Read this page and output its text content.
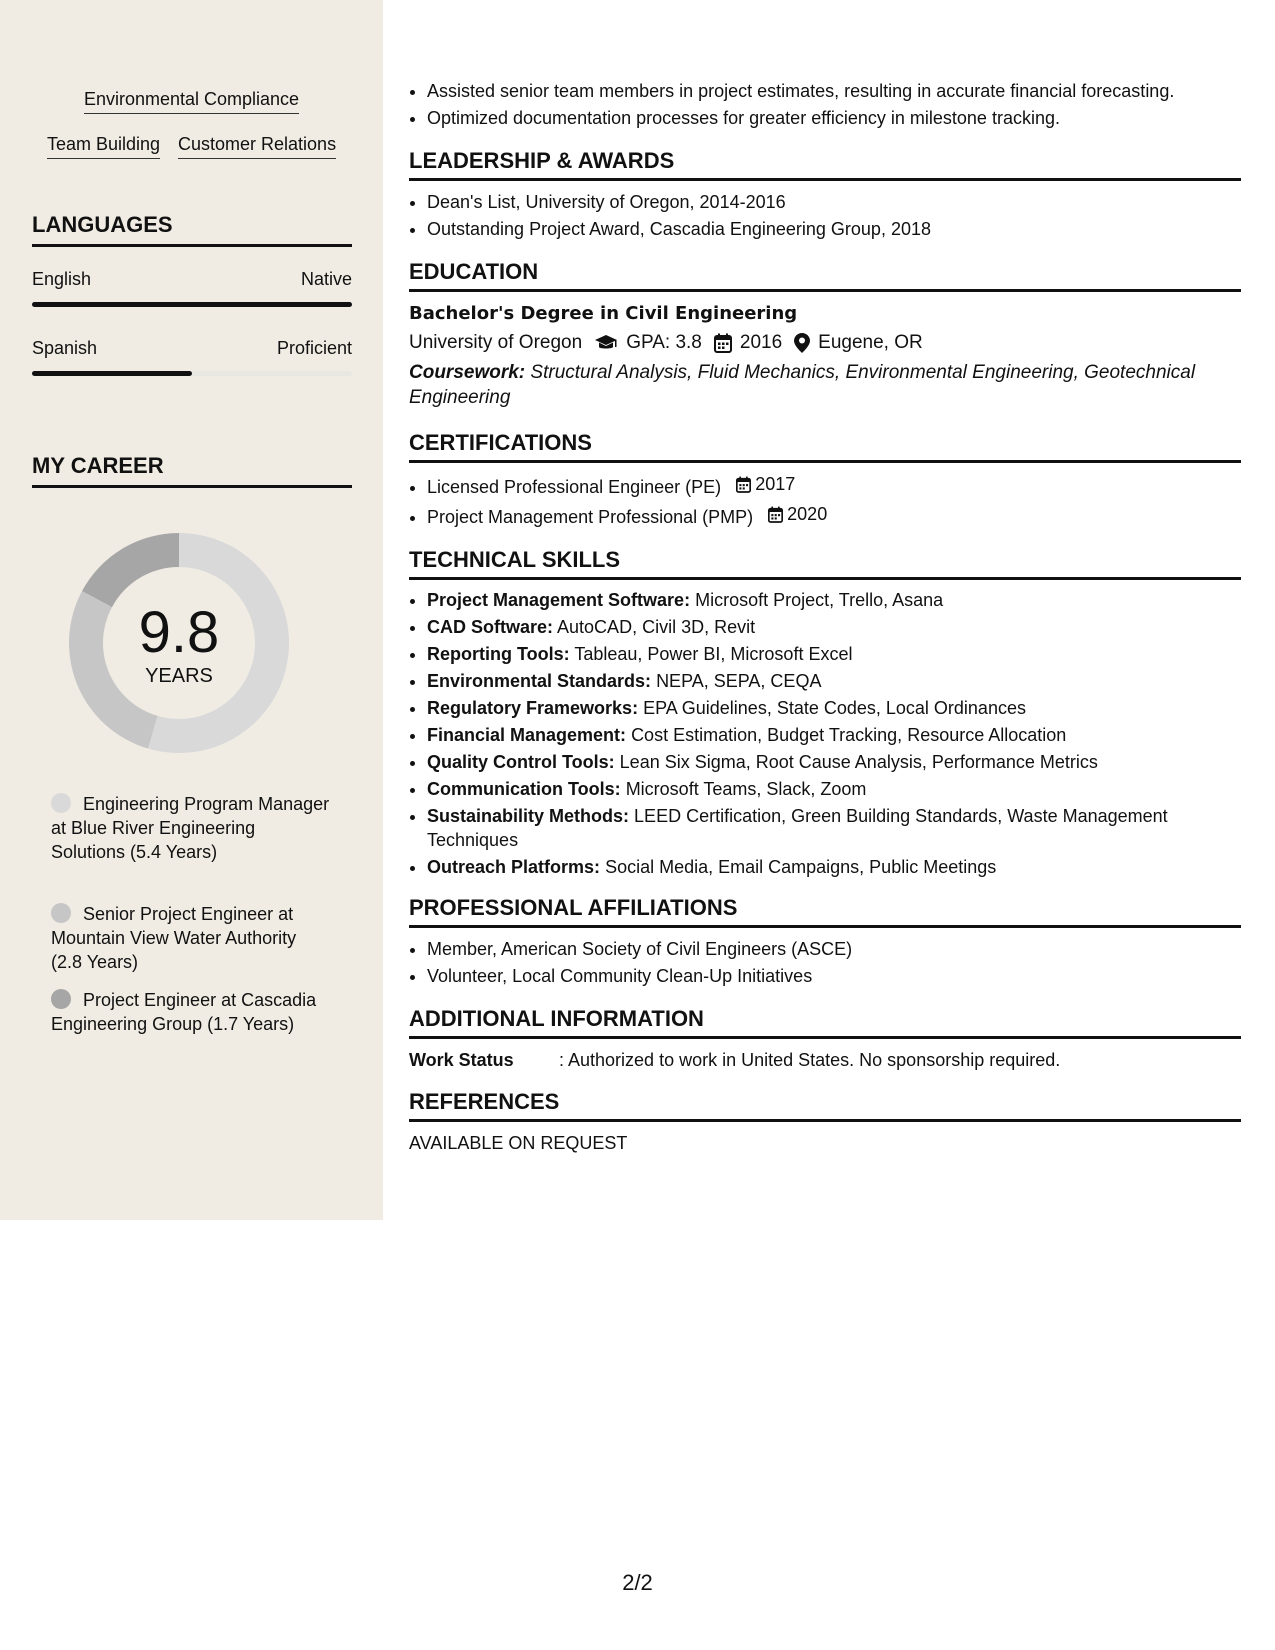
Environmental Compliance
Team Building Customer Relations
LANGUAGES
English	Native
Spanish	Proficient
MY CAREER
9.8
YEARS
Engineering Program Manager at Blue River Engineering Solutions (5.4 Years)
Senior Project Engineer at Mountain View Water Authority (2.8 Years)
Project Engineer at Cascadia Engineering Group (1.7 Years)
• Assisted senior team members in project estimates, resulting in accurate financial forecasting.
• Optimized documentation processes for greater efficiency in milestone tracking.
LEADERSHIP & AWARDS
• Dean's List, University of Oregon, 2014-2016
• Outstanding Project Award, Cascadia Engineering Group, 2018
EDUCATION
Bachelor's Degree in Civil Engineering
University of Oregon GPA: 3.8 2016 Eugene, OR
Coursework: Structural Analysis, Fluid Mechanics, Environmental Engineering, Geotechnical Engineering
CERTIFICATIONS
• Licensed Professional Engineer (PE) 2017
• Project Management Professional (PMP) 2020
TECHNICAL SKILLS
• Project Management Software: Microsoft Project, Trello, Asana
• CAD Software: AutoCAD, Civil 3D, Revit
• Reporting Tools: Tableau, Power BI, Microsoft Excel
• Environmental Standards: NEPA, SEPA, CEQA
• Regulatory Frameworks: EPA Guidelines, State Codes, Local Ordinances
• Financial Management: Cost Estimation, Budget Tracking, Resource Allocation
• Quality Control Tools: Lean Six Sigma, Root Cause Analysis, Performance Metrics
• Communication Tools: Microsoft Teams, Slack, Zoom
• Sustainability Methods: LEED Certification, Green Building Standards, Waste Management Techniques
• Outreach Platforms: Social Media, Email Campaigns, Public Meetings
PROFESSIONAL AFFILIATIONS
• Member, American Society of Civil Engineers (ASCE)
• Volunteer, Local Community Clean-Up Initiatives
ADDITIONAL INFORMATION
Work Status	: Authorized to work in United States. No sponsorship required.
REFERENCES
AVAILABLE ON REQUEST
2/2
